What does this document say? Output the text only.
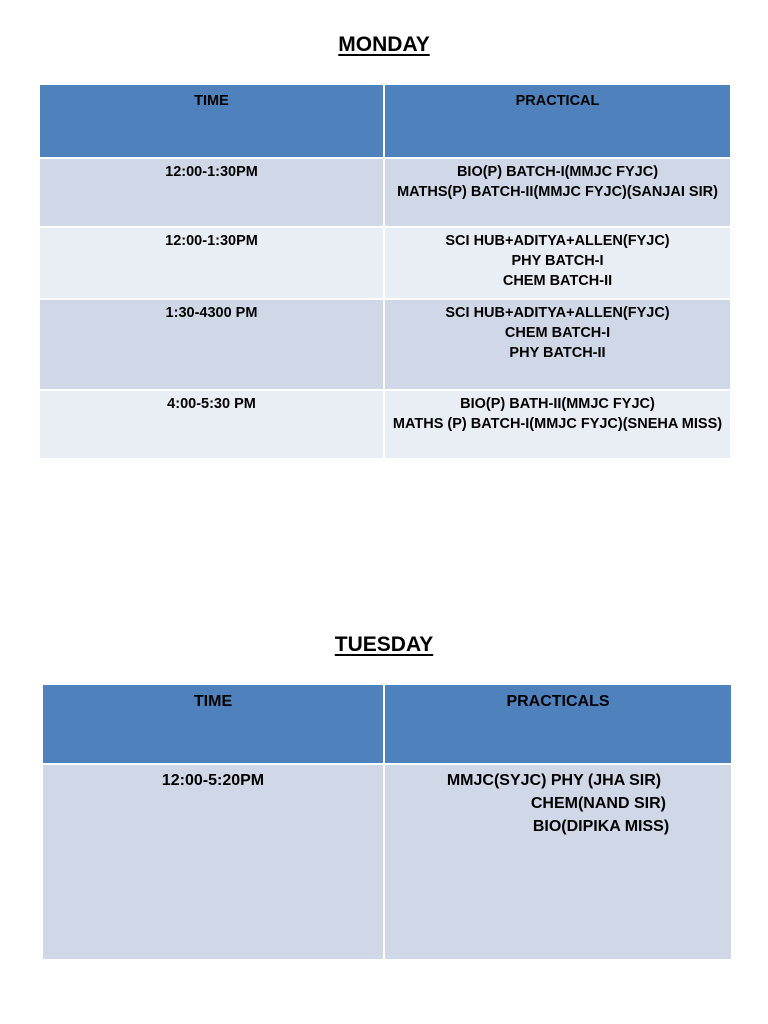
MONDAY
TIME	PRACTICAL
12:00-1:30PM	BIO(P) BATCH-I(MMJC FYJC)
MATHS(P) BATCH-II(MMJC FYJC)(SANJAI SIR)

12:00-1:30PM	SCI HUB+ADITYA+ALLEN(FYJC)
PHY BATCH-I
CHEM BATCH-II

1:30-4300 PM	SCI HUB+ADITYA+ALLEN(FYJC)
CHEM BATCH-I
PHY BATCH-II

4:00-5:30 PM	BIO(P) BATH-II(MMJC FYJC)
MATHS (P) BATCH-I(MMJC FYJC)(SNEHA MISS)
TUESDAY
TIME	PRACTICALS
12:00-5:20PM	MMJC(SYJC) PHY (JHA SIR)
CHEM(NAND SIR)
BIO(DIPIKA MISS)
